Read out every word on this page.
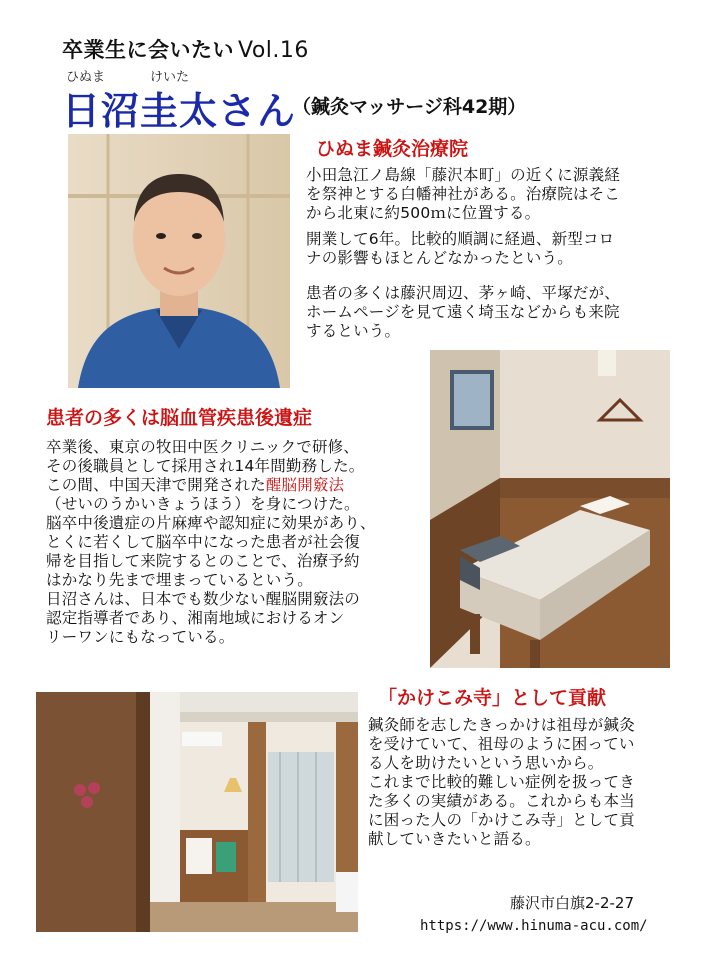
卒業生に会いたい Vol.16
ひぬま	けいた
日沼圭太さん
（鍼灸マッサージ科42期）
ひぬま鍼灸治療院

小田急江ノ島線「藤沢本町」の近くに源義経
を祭神とする白幡神社がある。治療院はそこ
から北東に約500ｍに位置する。

開業して6年。比較的順調に経過、新型コロ
ナの影響もほとんどなかったという。

患者の多くは藤沢周辺、茅ヶ崎、平塚だが、
ホームページを見て遠く埼玉などからも来院
するという。

患者の多くは脳血管疾患後遺症

卒業後、東京の牧田中医クリニックで研修、
その後職員として採用され14年間勤務した。
この間、中国天津で開発された醒脳開竅法
（せいのうかいきょうほう）を身につけた。
脳卒中後遺症の片麻痺や認知症に効果があり、
とくに若くして脳卒中になった患者が社会復
帰を目指して来院するとのことで、治療予約
はかなり先まで埋まっているという。
日沼さんは、日本でも数少ない醒脳開竅法の
認定指導者であり、湘南地域におけるオン
リーワンにもなっている。

「かけこみ寺」として貢献

鍼灸師を志したきっかけは祖母が鍼灸
を受けていて、祖母のように困ってい
る人を助けたいという思いから。
これまで比較的難しい症例を扱ってき
た多くの実績がある。これからも本当
に困った人の「かけこみ寺」として貢
献していきたいと語る。

藤沢市白旗2-2-27
https://www.hinuma-acu.com/
